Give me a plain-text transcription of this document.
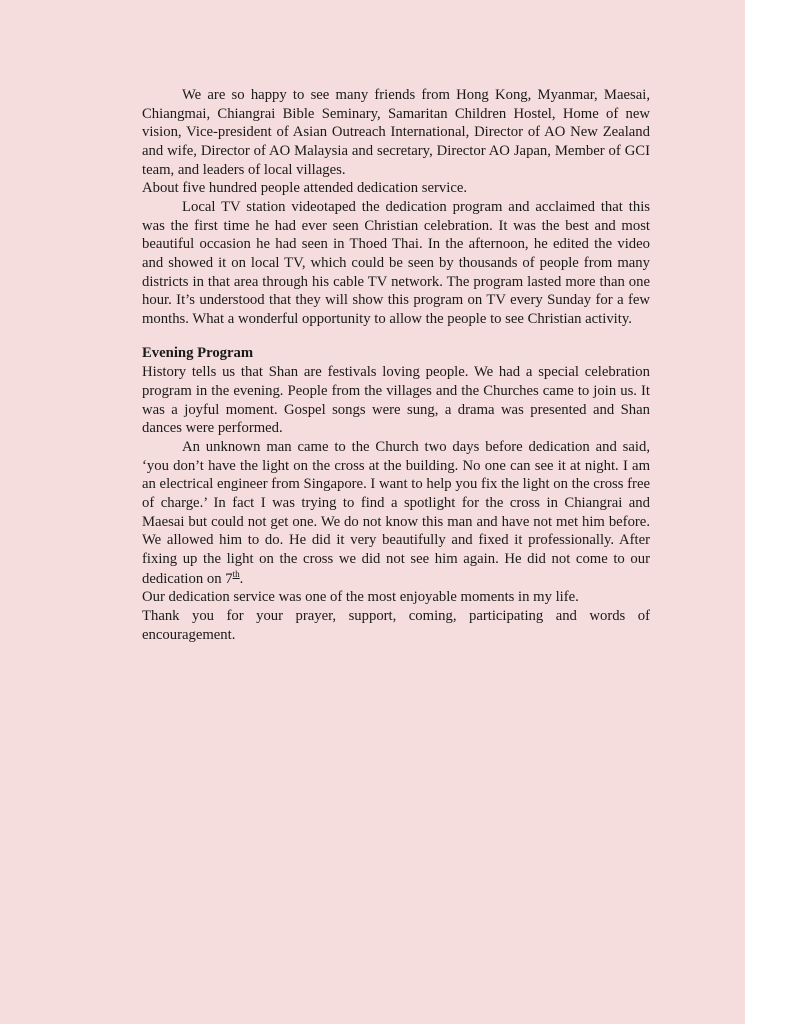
We are so happy to see many friends from Hong Kong, Myanmar, Maesai, Chiangmai, Chiangrai Bible Seminary, Samaritan Children Hostel, Home of new vision, Vice-president of Asian Outreach International, Director of AO New Zealand and wife, Director of AO Malaysia and secretary, Director AO Japan, Member of GCI team, and leaders of local villages.

About five hundred people attended dedication service.

Local TV station videotaped the dedication program and acclaimed that this was the first time he had ever seen Christian celebration. It was the best and most beautiful occasion he had seen in Thoed Thai. In the afternoon, he edited the video and showed it on local TV, which could be seen by thousands of people from many districts in that area through his cable TV network. The program lasted more than one hour. It’s understood that they will show this program on TV every Sunday for a few months. What a wonderful opportunity to allow the people to see Christian activity.

Evening Program

History tells us that Shan are festivals loving people. We had a special celebration program in the evening. People from the villages and the Churches came to join us. It was a joyful moment. Gospel songs were sung, a drama was presented and Shan dances were performed.

An unknown man came to the Church two days before dedication and said, ‘you don’t have the light on the cross at the building. No one can see it at night. I am an electrical engineer from Singapore. I want to help you fix the light on the cross free of charge.’ In fact I was trying to find a spotlight for the cross in Chiangrai and Maesai but could not get one. We do not know this man and have not met him before. We allowed him to do. He did it very beautifully and fixed it professionally. After fixing up the light on the cross we did not see him again. He did not come to our dedication on 7th.

Our dedication service was one of the most enjoyable moments in my life.

Thank you for your prayer, support, coming, participating and words of encouragement.
